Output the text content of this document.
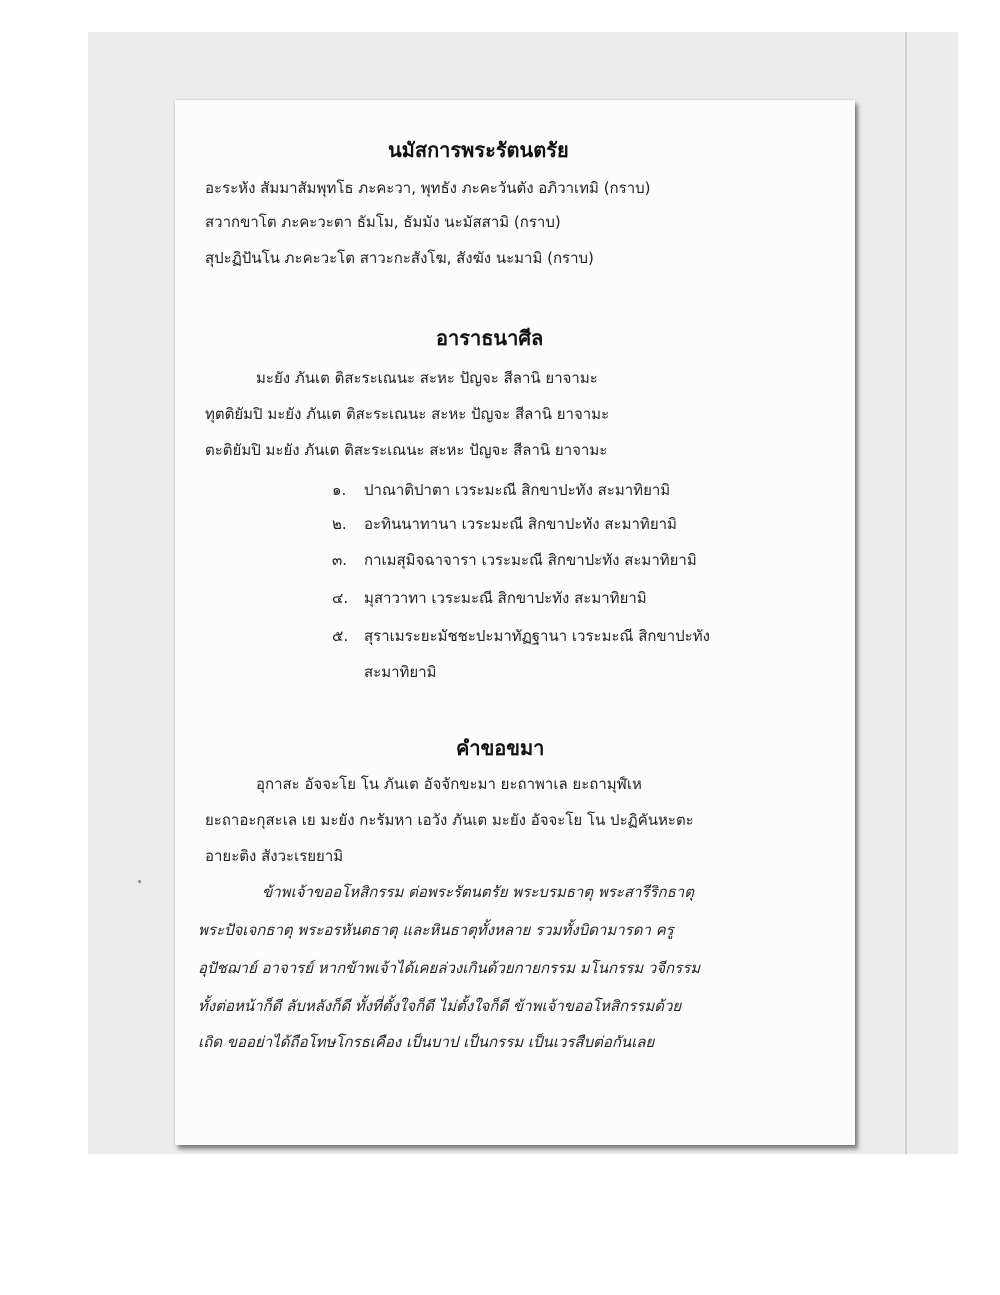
นมัสการพระรัตนตรัย
อะระหัง สัมมาสัมพุทโธ ภะคะวา, พุทธัง ภะคะวันตัง อภิวาเทมิ (กราบ)
สวากขาโต ภะคะวะตา ธัมโม, ธัมมัง นะมัสสามิ (กราบ)
สุปะฏิปันโน ภะคะวะโต สาวะกะสังโฆ, สังฆัง นะมามิ (กราบ)
อาราธนาศีล
มะยัง ภันเต ติสะระเณนะ สะหะ ปัญจะ สีลานิ ยาจามะ
ทุตติยัมปิ มะยัง ภันเต ติสะระเณนะ สะหะ ปัญจะ สีลานิ ยาจามะ
ตะติยัมปิ มะยัง ภันเต ติสะระเณนะ สะหะ ปัญจะ สีลานิ ยาจามะ
๑. ปาณาติปาตา เวระมะณี สิกขาปะทัง สะมาทิยามิ
๒. อะทินนาทานา เวระมะณี สิกขาปะทัง สะมาทิยามิ
๓. กาเมสุมิจฉาจารา เวระมะณี สิกขาปะทัง สะมาทิยามิ
๔. มุสาวาทา เวระมะณี สิกขาปะทัง สะมาทิยามิ
๕. สุราเมระยะมัชชะปะมาทัฏฐานา เวระมะณี สิกขาปะทัง
สะมาทิยามิ
คำขอขมา
อุกาสะ อัจจะโย โน ภันเต อัจจักขะมา ยะถาพาเล ยะถามุฬ์เห
ยะถาอะกุสะเล เย มะยัง กะรัมหา เอวัง ภันเต มะยัง อัจจะโย โน ปะฏิคันหะตะ
อายะติง สังวะเรยยามิ
ข้าพเจ้าขออโหสิกรรม ต่อพระรัตนตรัย พระบรมธาตุ พระสารีริกธาตุ
พระปัจเจกธาตุ พระอรหันตธาตุ และหินธาตุทั้งหลาย รวมทั้งบิดามารดา ครู
อุปัชฌาย์ อาจารย์ หากข้าพเจ้าได้เคยล่วงเกินด้วยกายกรรม มโนกรรม วจีกรรม
ทั้งต่อหน้าก็ดี ลับหลังก็ดี ทั้งที่ตั้งใจก็ดี ไม่ตั้งใจก็ดี ข้าพเจ้าขออโหสิกรรมด้วย
เถิด ขออย่าได้ถือโทษโกรธเคือง เป็นบาป เป็นกรรม เป็นเวรสืบต่อกันเลย
